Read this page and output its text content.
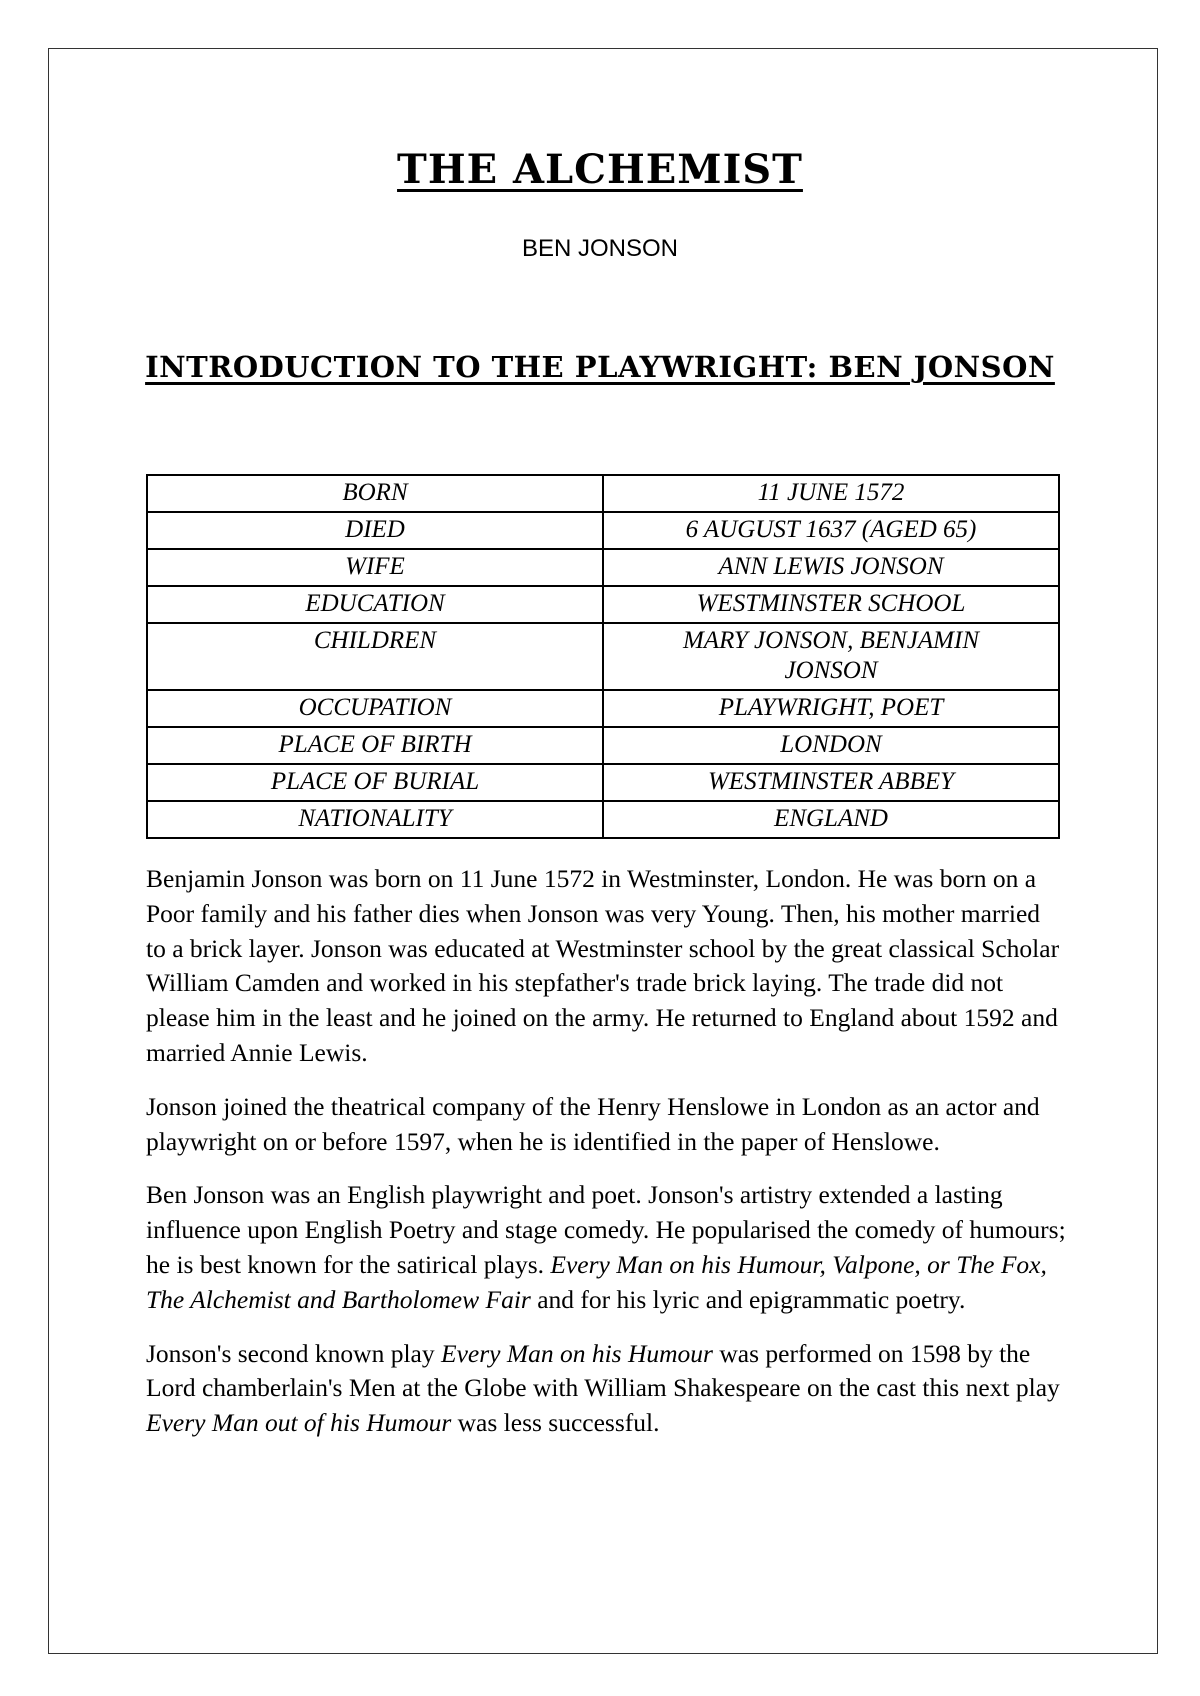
THE ALCHEMIST
BEN JONSON
INTRODUCTION TO THE PLAYWRIGHT: BEN JONSON
BORN	11 JUNE 1572
DIED	6 AUGUST 1637 (AGED 65)
WIFE	ANN LEWIS JONSON
EDUCATION	WESTMINSTER SCHOOL
CHILDREN	MARY JONSON, BENJAMIN JONSON
OCCUPATION	PLAYWRIGHT, POET
PLACE OF BIRTH	LONDON
PLACE OF BURIAL	WESTMINSTER ABBEY
NATIONALITY	ENGLAND

Benjamin Jonson was born on 11 June 1572 in Westminster, London. He was born on a Poor family and his father dies when Jonson was very Young. Then, his mother married to a brick layer. Jonson was educated at Westminster school by the great classical Scholar William Camden and worked in his stepfather's trade brick laying. The trade did not please him in the least and he joined on the army. He returned to England about 1592 and married Annie Lewis.

Jonson joined the theatrical company of the Henry Henslowe in London as an actor and playwright on or before 1597, when he is identified in the paper of Henslowe.

Ben Jonson was an English playwright and poet. Jonson's artistry extended a lasting influence upon English Poetry and stage comedy. He popularised the comedy of humours; he is best known for the satirical plays. Every Man on his Humour, Valpone, or The Fox, The Alchemist and Bartholomew Fair and for his lyric and epigrammatic poetry.

Jonson's second known play Every Man on his Humour was performed on 1598 by the Lord chamberlain's Men at the Globe with William Shakespeare on the cast this next play Every Man out of his Humour was less successful.
